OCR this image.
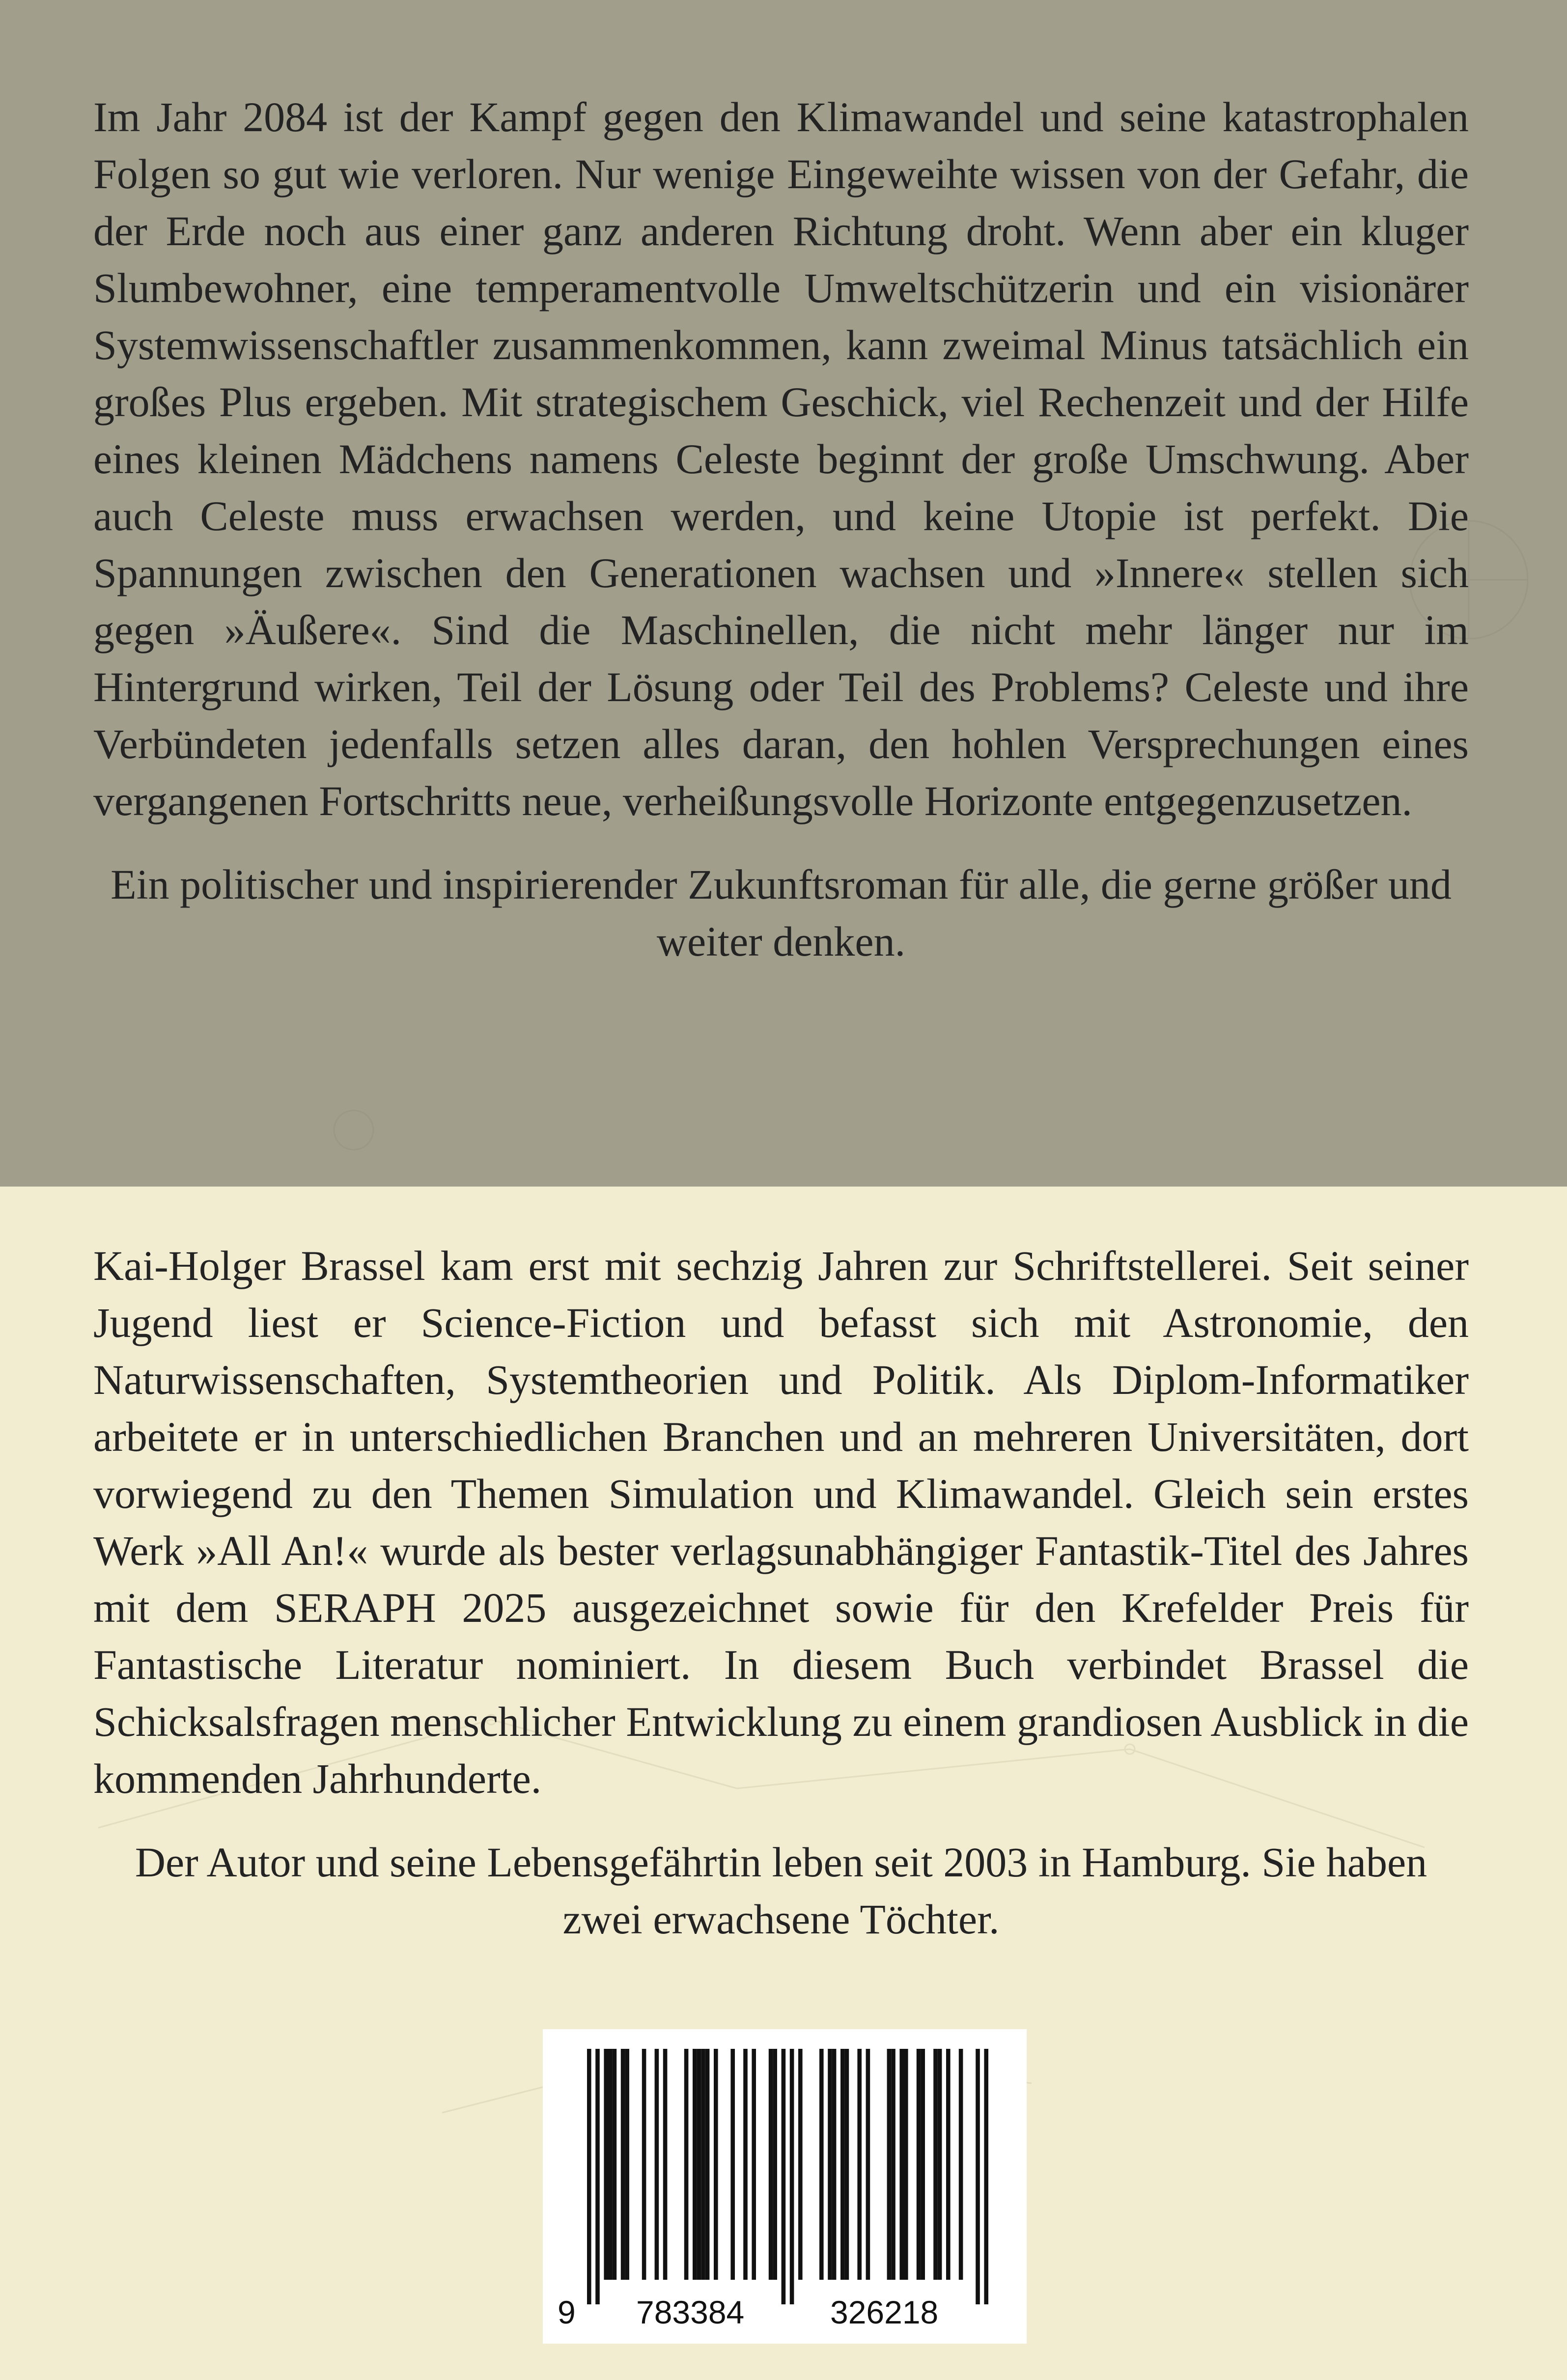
Im Jahr 2084 ist der Kampf gegen den Klimawandel und seine katastrophalen Folgen so gut wie verloren. Nur wenige Eingeweihte wissen von der Gefahr, die der Erde noch aus einer ganz anderen Richtung droht. Wenn aber ein kluger Slumbewohner, eine temperamentvolle Umweltschützerin und ein visionärer Systemwissenschaftler zusammenkommen, kann zweimal Minus tatsächlich ein großes Plus ergeben. Mit strategischem Geschick, viel Rechenzeit und der Hilfe eines kleinen Mädchens namens Celeste beginnt der große Umschwung. Aber auch Celeste muss erwachsen werden, und keine Utopie ist perfekt. Die Spannungen zwischen den Generationen wachsen und »Innere« stellen sich gegen »Äußere«. Sind die Maschinellen, die nicht mehr länger nur im Hintergrund wirken, Teil der Lösung oder Teil des Problems? Celeste und ihre Verbündeten jedenfalls setzen alles daran, den hohlen Versprechungen eines vergangenen Fortschritts neue, verheißungsvolle Horizonte entgegenzusetzen.

Ein politischer und inspirierender Zukunftsroman für alle, die gerne größer und weiter denken.

Kai-Holger Brassel kam erst mit sechzig Jahren zur Schriftstellerei. Seit seiner Jugend liest er Science-Fiction und befasst sich mit Astronomie, den Naturwissenschaften, Systemtheorien und Politik. Als Diplom-Informatiker arbeitete er in unterschiedlichen Branchen und an mehreren Universitäten, dort vorwiegend zu den Themen Simulation und Klimawandel. Gleich sein erstes Werk »All An!« wurde als bester verlagsunabhängiger Fantastik-Titel des Jahres mit dem SERAPH 2025 ausgezeichnet sowie für den Krefelder Preis für Fantastische Literatur nominiert. In diesem Buch verbindet Brassel die Schicksalsfragen menschlicher Entwicklung zu einem grandiosen Ausblick in die kommenden Jahrhunderte.

Der Autor und seine Lebensgefährtin leben seit 2003 in Hamburg. Sie haben zwei erwachsene Töchter.

9 783384	326218
